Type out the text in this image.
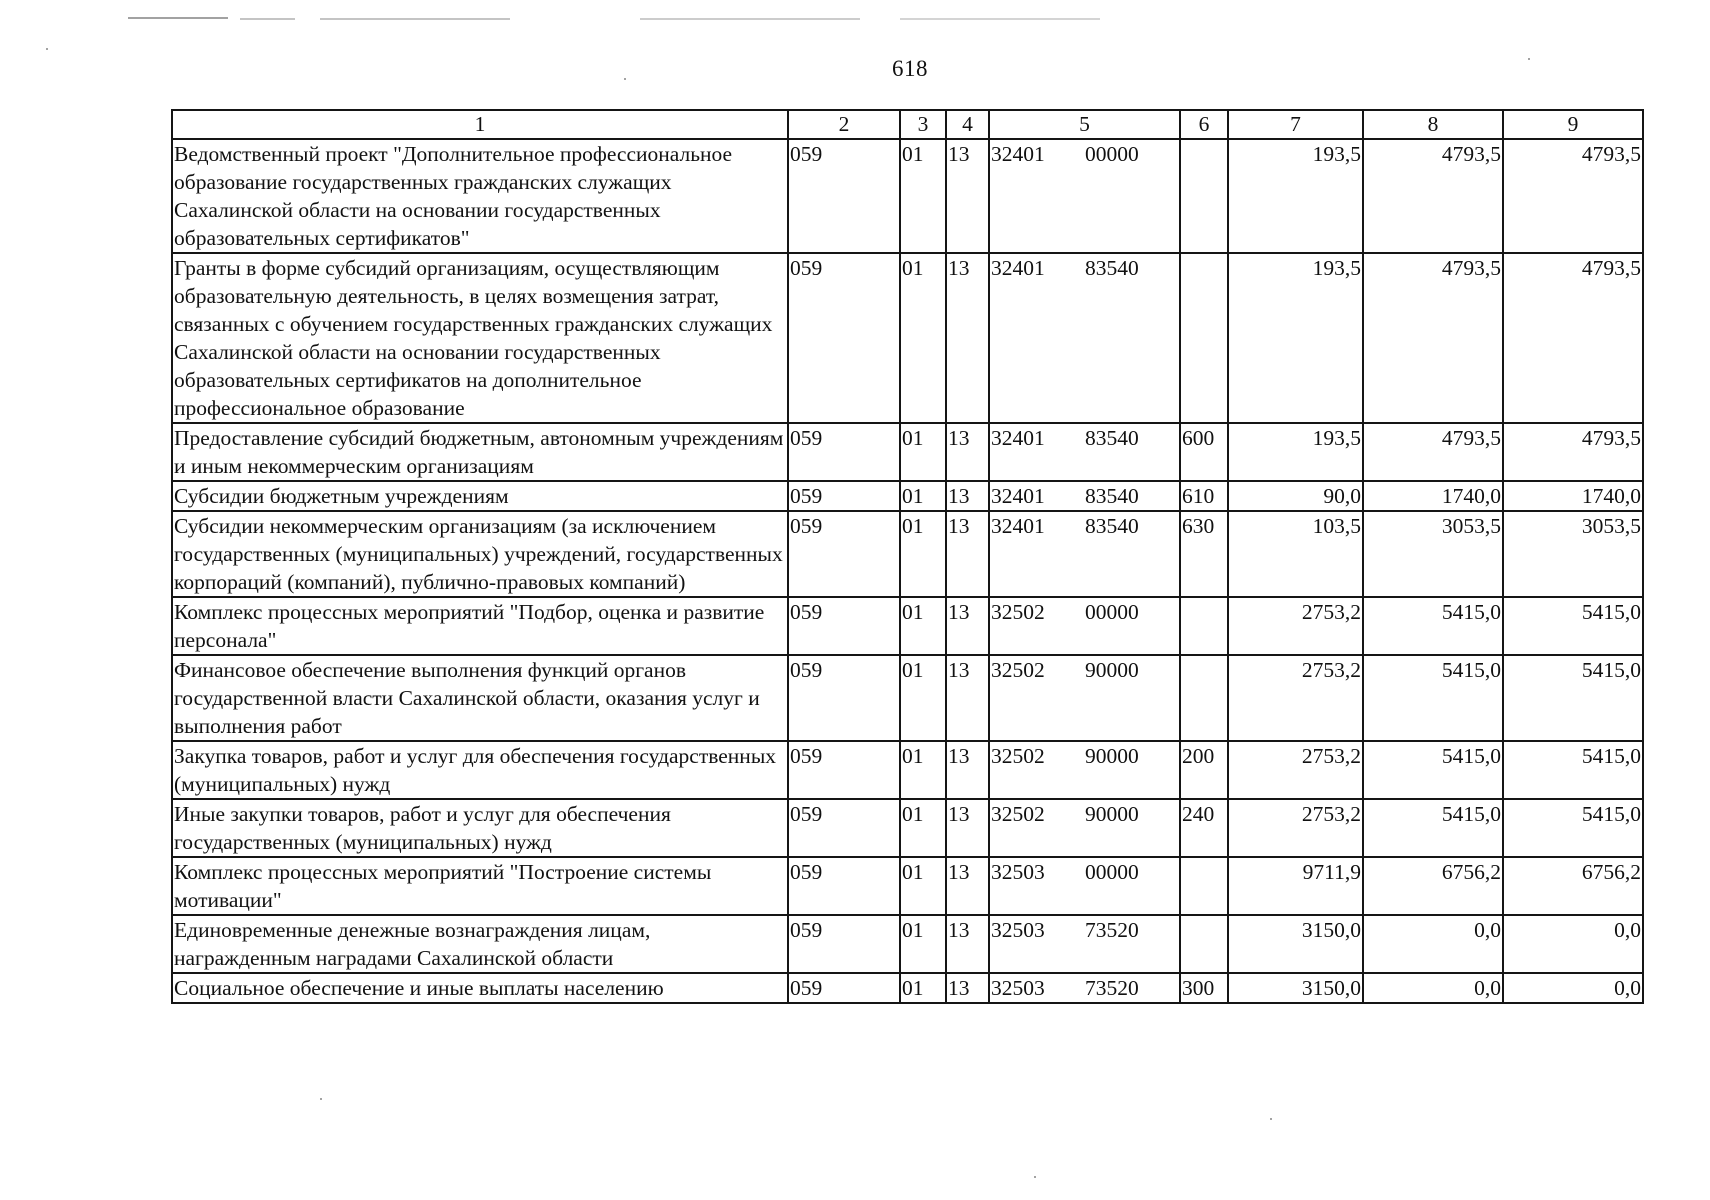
618
1	2	3	4	5	6	7	8	9
Ведомственный проект "Дополнительное профессиональное образование государственных гражданских служащих Сахалинской области на основании государственных образовательных сертификатов"	059	01	13	32401 00000		193,5	4793,5	4793,5
Гранты в форме субсидий организациям, осуществляющим образовательную деятельность, в целях возмещения затрат, связанных с обучением государственных гражданских служащих Сахалинской области на основании государственных образовательных сертификатов на дополнительное профессиональное образование	059	01	13	32401 83540		193,5	4793,5	4793,5
Предоставление субсидий бюджетным, автономным учреждениям и иным некоммерческим организациям	059	01	13	32401 83540	600	193,5	4793,5	4793,5
Субсидии бюджетным учреждениям	059	01	13	32401 83540	610	90,0	1740,0	1740,0
Субсидии некоммерческим организациям (за исключением государственных (муниципальных) учреждений, государственных корпораций (компаний), публично-правовых компаний)	059	01	13	32401 83540	630	103,5	3053,5	3053,5
Комплекс процессных мероприятий "Подбор, оценка и развитие персонала"	059	01	13	32502 00000		2753,2	5415,0	5415,0
Финансовое обеспечение выполнения функций органов государственной власти Сахалинской области, оказания услуг и выполнения работ	059	01	13	32502 90000		2753,2	5415,0	5415,0
Закупка товаров, работ и услуг для обеспечения государственных (муниципальных) нужд	059	01	13	32502 90000	200	2753,2	5415,0	5415,0
Иные закупки товаров, работ и услуг для обеспечения государственных (муниципальных) нужд	059	01	13	32502 90000	240	2753,2	5415,0	5415,0
Комплекс процессных мероприятий "Построение системы мотивации"	059	01	13	32503 00000		9711,9	6756,2	6756,2
Единовременные денежные вознаграждения лицам, награжденным наградами Сахалинской области	059	01	13	32503 73520		3150,0	0,0	0,0
Социальное обеспечение и иные выплаты населению	059	01	13	32503 73520	300	3150,0	0,0	0,0
